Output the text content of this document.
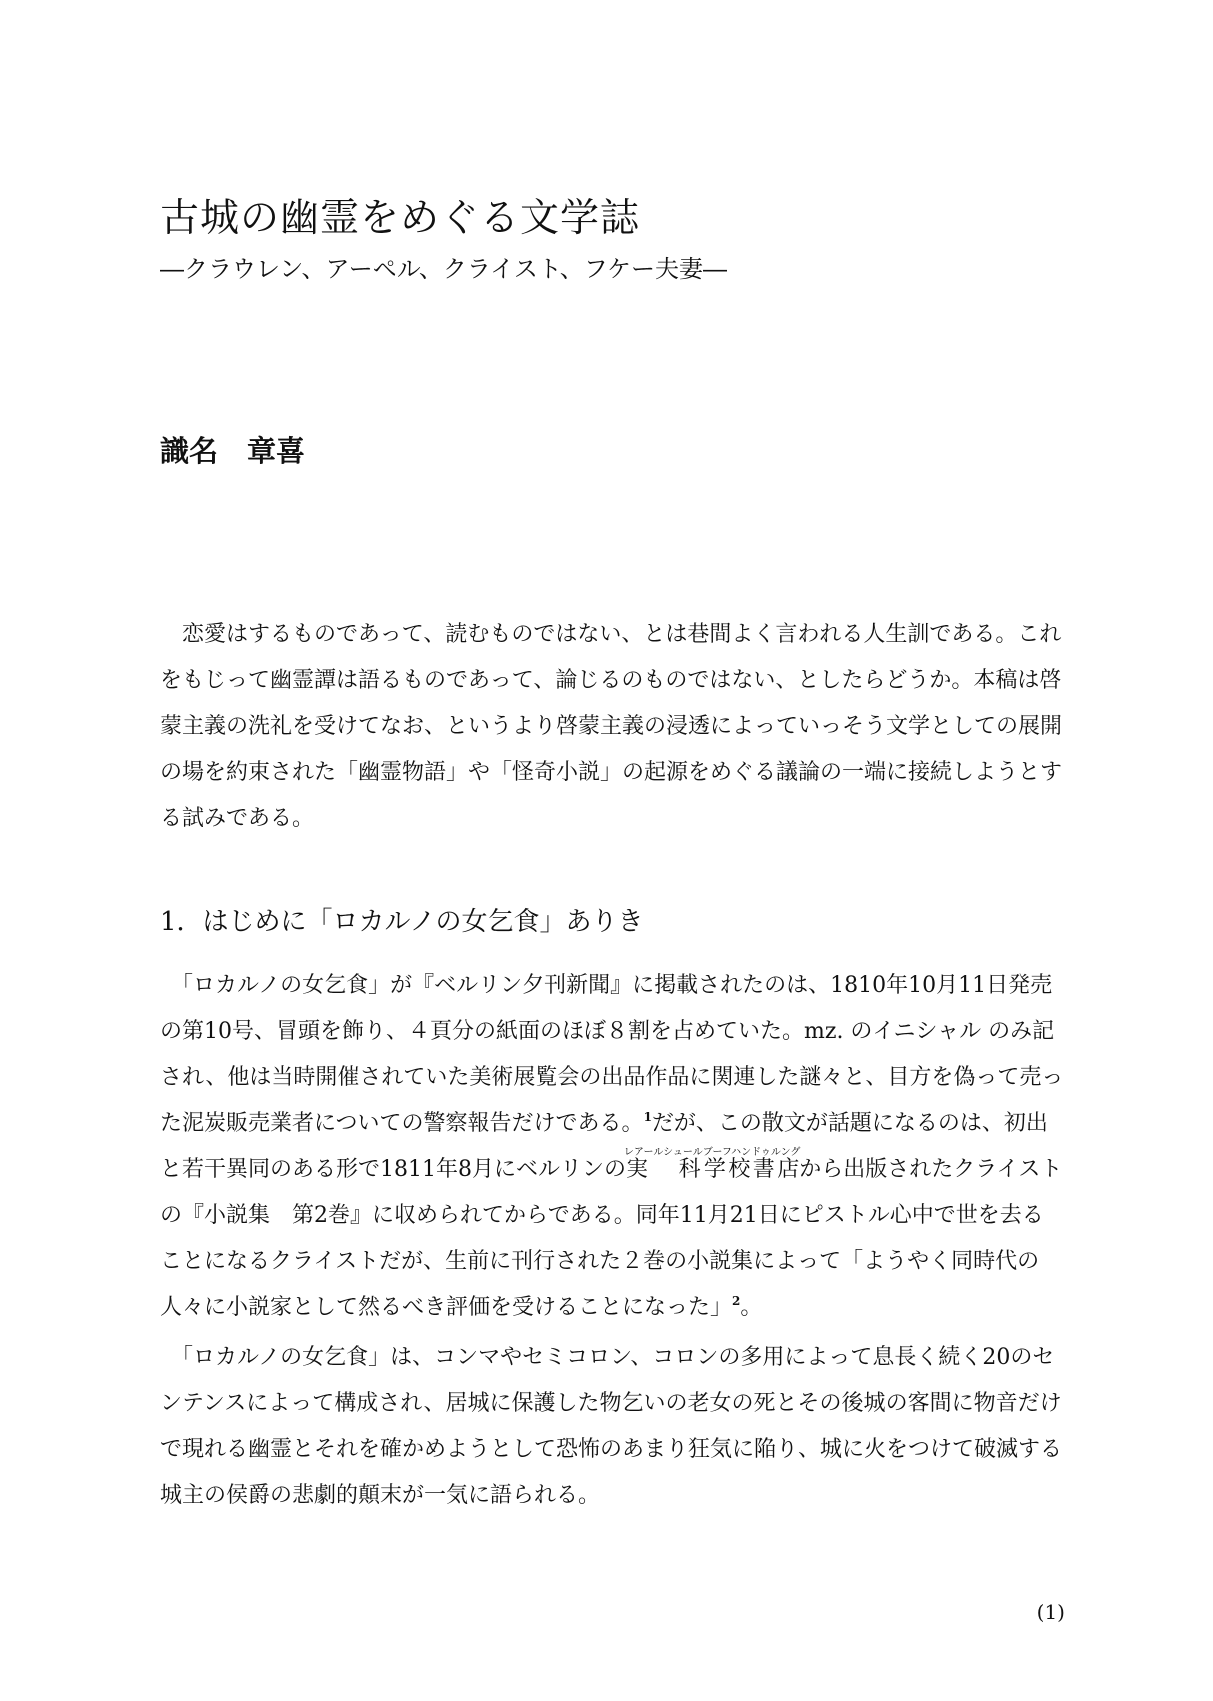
古城の幽霊をめぐる文学誌
―クラウレン、アーペル、クライスト、フケー夫妻―
識名　章喜

恋愛はするものであって、読むものではない、とは巷間よく言われる人生訓である。これをもじって幽霊譚は語るものであって、論じるのものではない、としたらどうか。本稿は啓蒙主義の洗礼を受けてなお、というより啓蒙主義の浸透によっていっそう文学としての展開の場を約束された「幽霊物語」や「怪奇小説」の起源をめぐる議論の一端に接続しようとする試みである。

1．はじめに「ロカルノの女乞食」ありき

「ロカルノの女乞食」が『ベルリン夕刊新聞』に掲載されたのは、1810年10月11日発売の第10号、冒頭を飾り、４頁分の紙面のほぼ８割を占めていた。mz. のイニシャル のみ記され、他は当時開催されていた美術展覧会の出品作品に関連した謎々と、目方を偽って売った泥炭販売業者についての警察報告だけである。$^1$だが、この散文が話題になるのは、初出と若干異同のある形で1811年8月にベルリンの実　科レアールシュール学校書店ブーフハンドゥルングから出版されたクライストの『小説集　第2巻』に収められてからである。同年11月21日にピストル心中で世を去ることになるクライストだが、生前に刊行された２巻の小説集によって「ようやく同時代の人々に小説家として然るべき評価を受けることになった」$^2$。

「ロカルノの女乞食」は、コンマやセミコロン、コロンの多用によって息長く続く20のセンテンスによって構成され、居城に保護した物乞いの老女の死とその後城の客間に物音だけで現れる幽霊とそれを確かめようとして恐怖のあまり狂気に陥り、城に火をつけて破滅する城主の侯爵の悲劇的顛末が一気に語られる。

(1)
